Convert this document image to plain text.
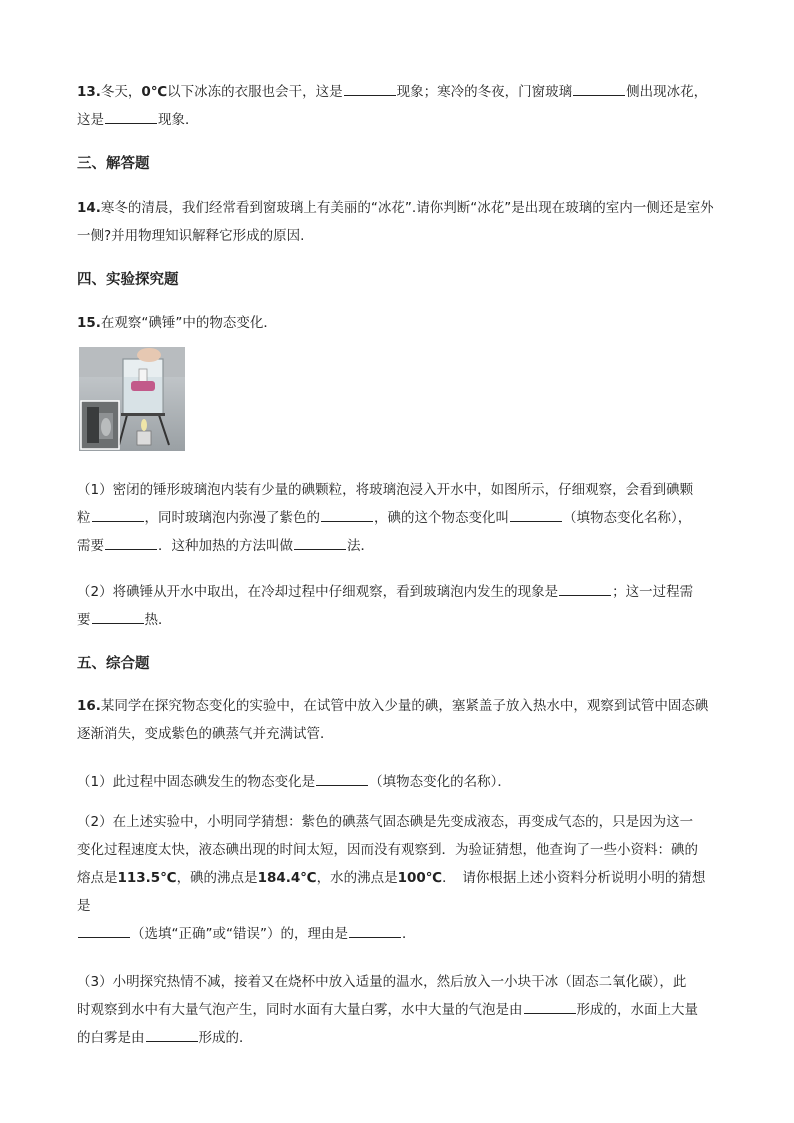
13.冬天，0℃以下冰冻的衣服也会干，这是	现象；寒冷的冬夜，门窗玻璃	侧出现冰花，
这是	现象．

三、解答题

14.寒冬的清晨，我们经常看到窗玻璃上有美丽的“冰花”.请你判断“冰花”是出现在玻璃的室内一侧还是室外一侧?并用物理知识解释它形成的原因.

四、实验探究题

15.在观察“碘锤”中的物态变化．

（1）密闭的锤形玻璃泡内装有少量的碘颗粒，将玻璃泡浸入开水中，如图所示，仔细观察，会看到碘颗
粒	，同时玻璃泡内弥漫了紫色的	，碘的这个物态变化叫	（填物态变化名称），
需要	．这种加热的方法叫做	法．

（2）将碘锤从开水中取出，在冷却过程中仔细观察，看到玻璃泡内发生的现象是	；这一过程需
要	热．

五、综合题

16.某同学在探究物态变化的实验中，在试管中放入少量的碘，塞紧盖子放入热水中，观察到试管中固态碘
逐渐消失，变成紫色的碘蒸气并充满试管．

（1）此过程中固态碘发生的物态变化是	（填物态变化的名称）．

（2）在上述实验中，小明同学猜想：紫色的碘蒸气固态碘是先变成液态，再变成气态的，只是因为这一
变化过程速度太快，液态碘出现的时间太短，因而没有观察到．为验证猜想，他查询了一些小资料：碘的
熔点是113.5℃，碘的沸点是184.4℃，水的沸点是100℃．　请你根据上述小资料分析说明小明的猜想是
（选填“正确”或“错误”）的，理由是	．

（3）小明探究热情不减，接着又在烧杯中放入适量的温水，然后放入一小块干冰（固态二氧化碳），此
时观察到水中有大量气泡产生，同时水面有大量白雾，水中大量的气泡是由	形成的，水面上大量
的白雾是由	形成的．
